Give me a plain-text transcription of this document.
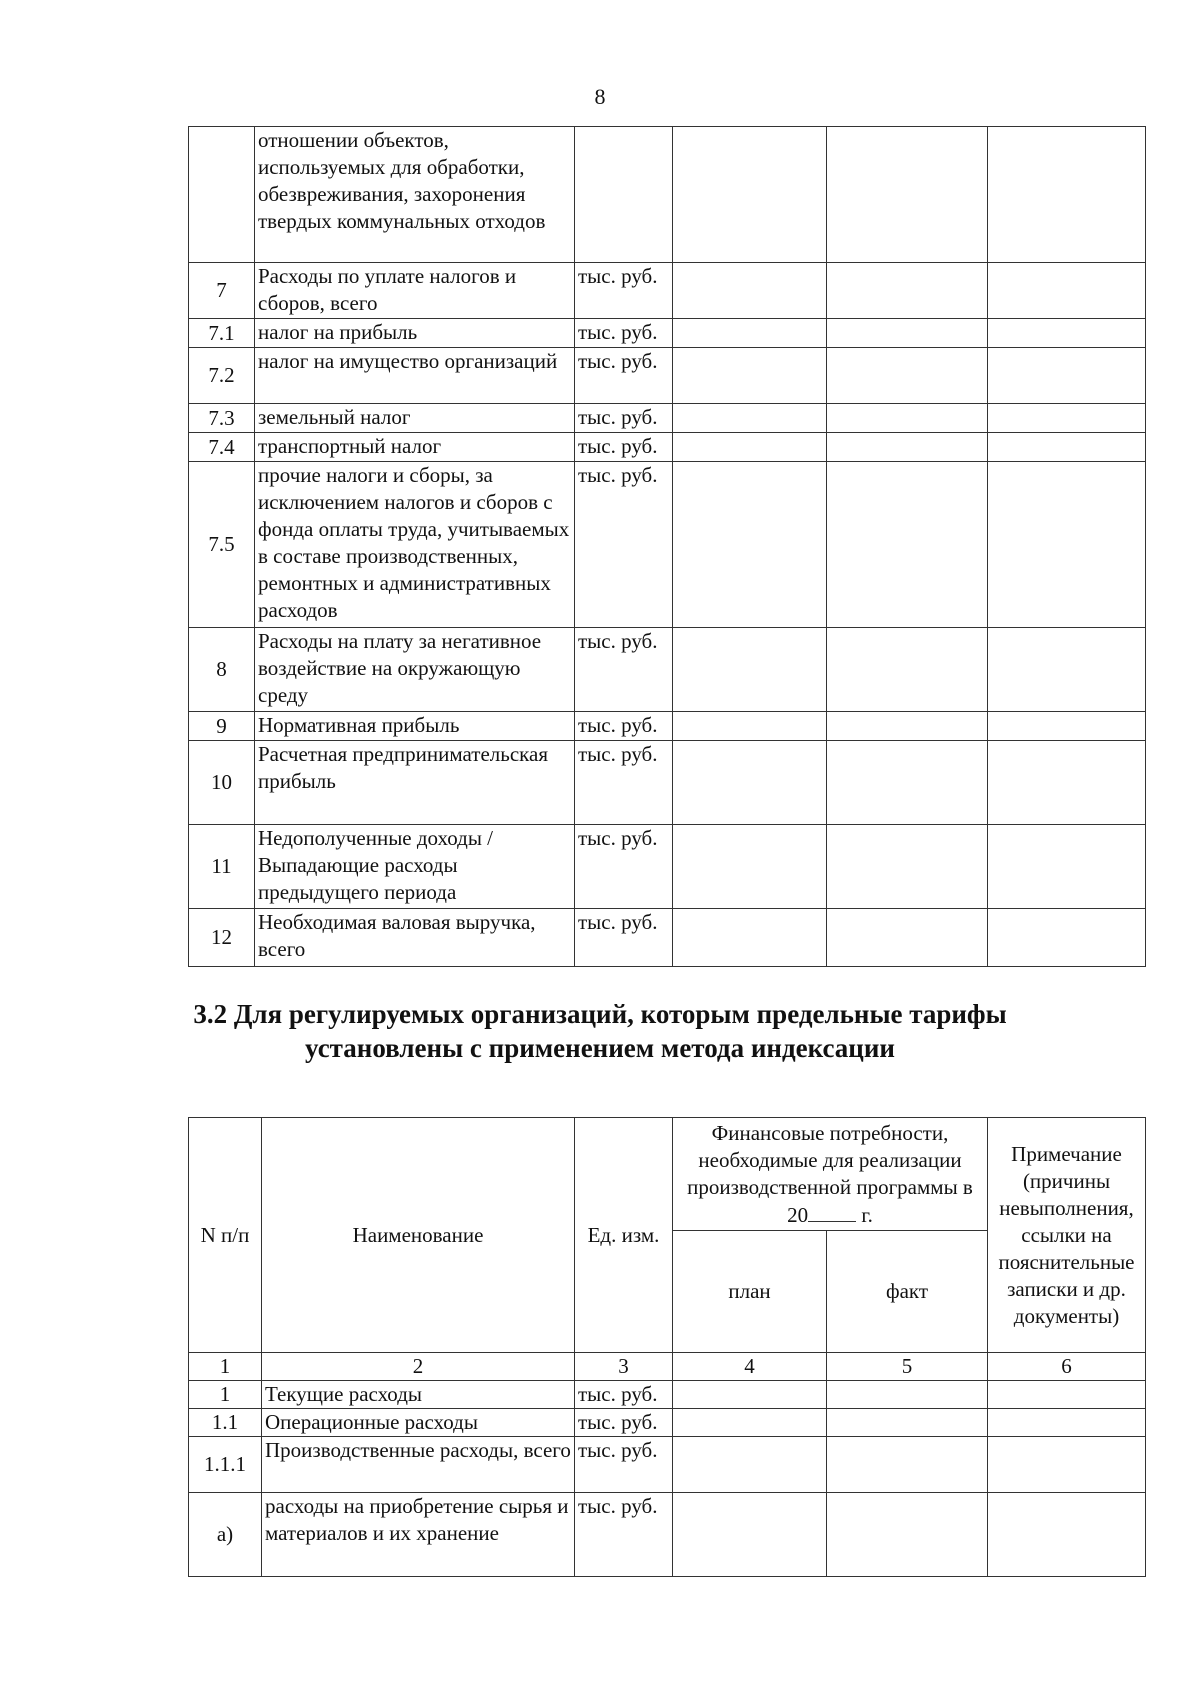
8
	отношении объектов, используемых для обработки, обезвреживания, захоронения твердых коммунальных отходов				
7	Расходы по уплате налогов и сборов, всего	тыс. руб.			
7.1	налог на прибыль	тыс. руб.			
7.2	налог на имущество организаций	тыс. руб.			
7.3	земельный налог	тыс. руб.			
7.4	транспортный налог	тыс. руб.			
7.5	прочие налоги и сборы, за исключением налогов и сборов с фонда оплаты труда, учитываемых в составе производственных, ремонтных и административных расходов	тыс. руб.			
8	Расходы на плату за негативное воздействие на окружающую среду	тыс. руб.			
9	Нормативная прибыль	тыс. руб.			
10	Расчетная предпринимательская прибыль	тыс. руб.			
11	Недополученные доходы / Выпадающие расходы предыдущего периода	тыс. руб.			
12	Необходимая валовая выручка, всего	тыс. руб.			
3.2 Для регулируемых организаций, которым предельные тарифы
установлены с применением метода индексации
N п/п	Наименование	Ед. изм.	Финансовые потребности, необходимые для реализации производственной программы в 20 г.		Примечание (причины невыполнения, ссылки на пояснительные записки и др. документы)
			план	факт	
1	2	3	4	5	6
1	Текущие расходы	тыс. руб.			
1.1	Операционные расходы	тыс. руб.			
1.1.1	Производственные расходы, всего	тыс. руб.			
а)	расходы на приобретение сырья и материалов и их хранение	тыс. руб.			
